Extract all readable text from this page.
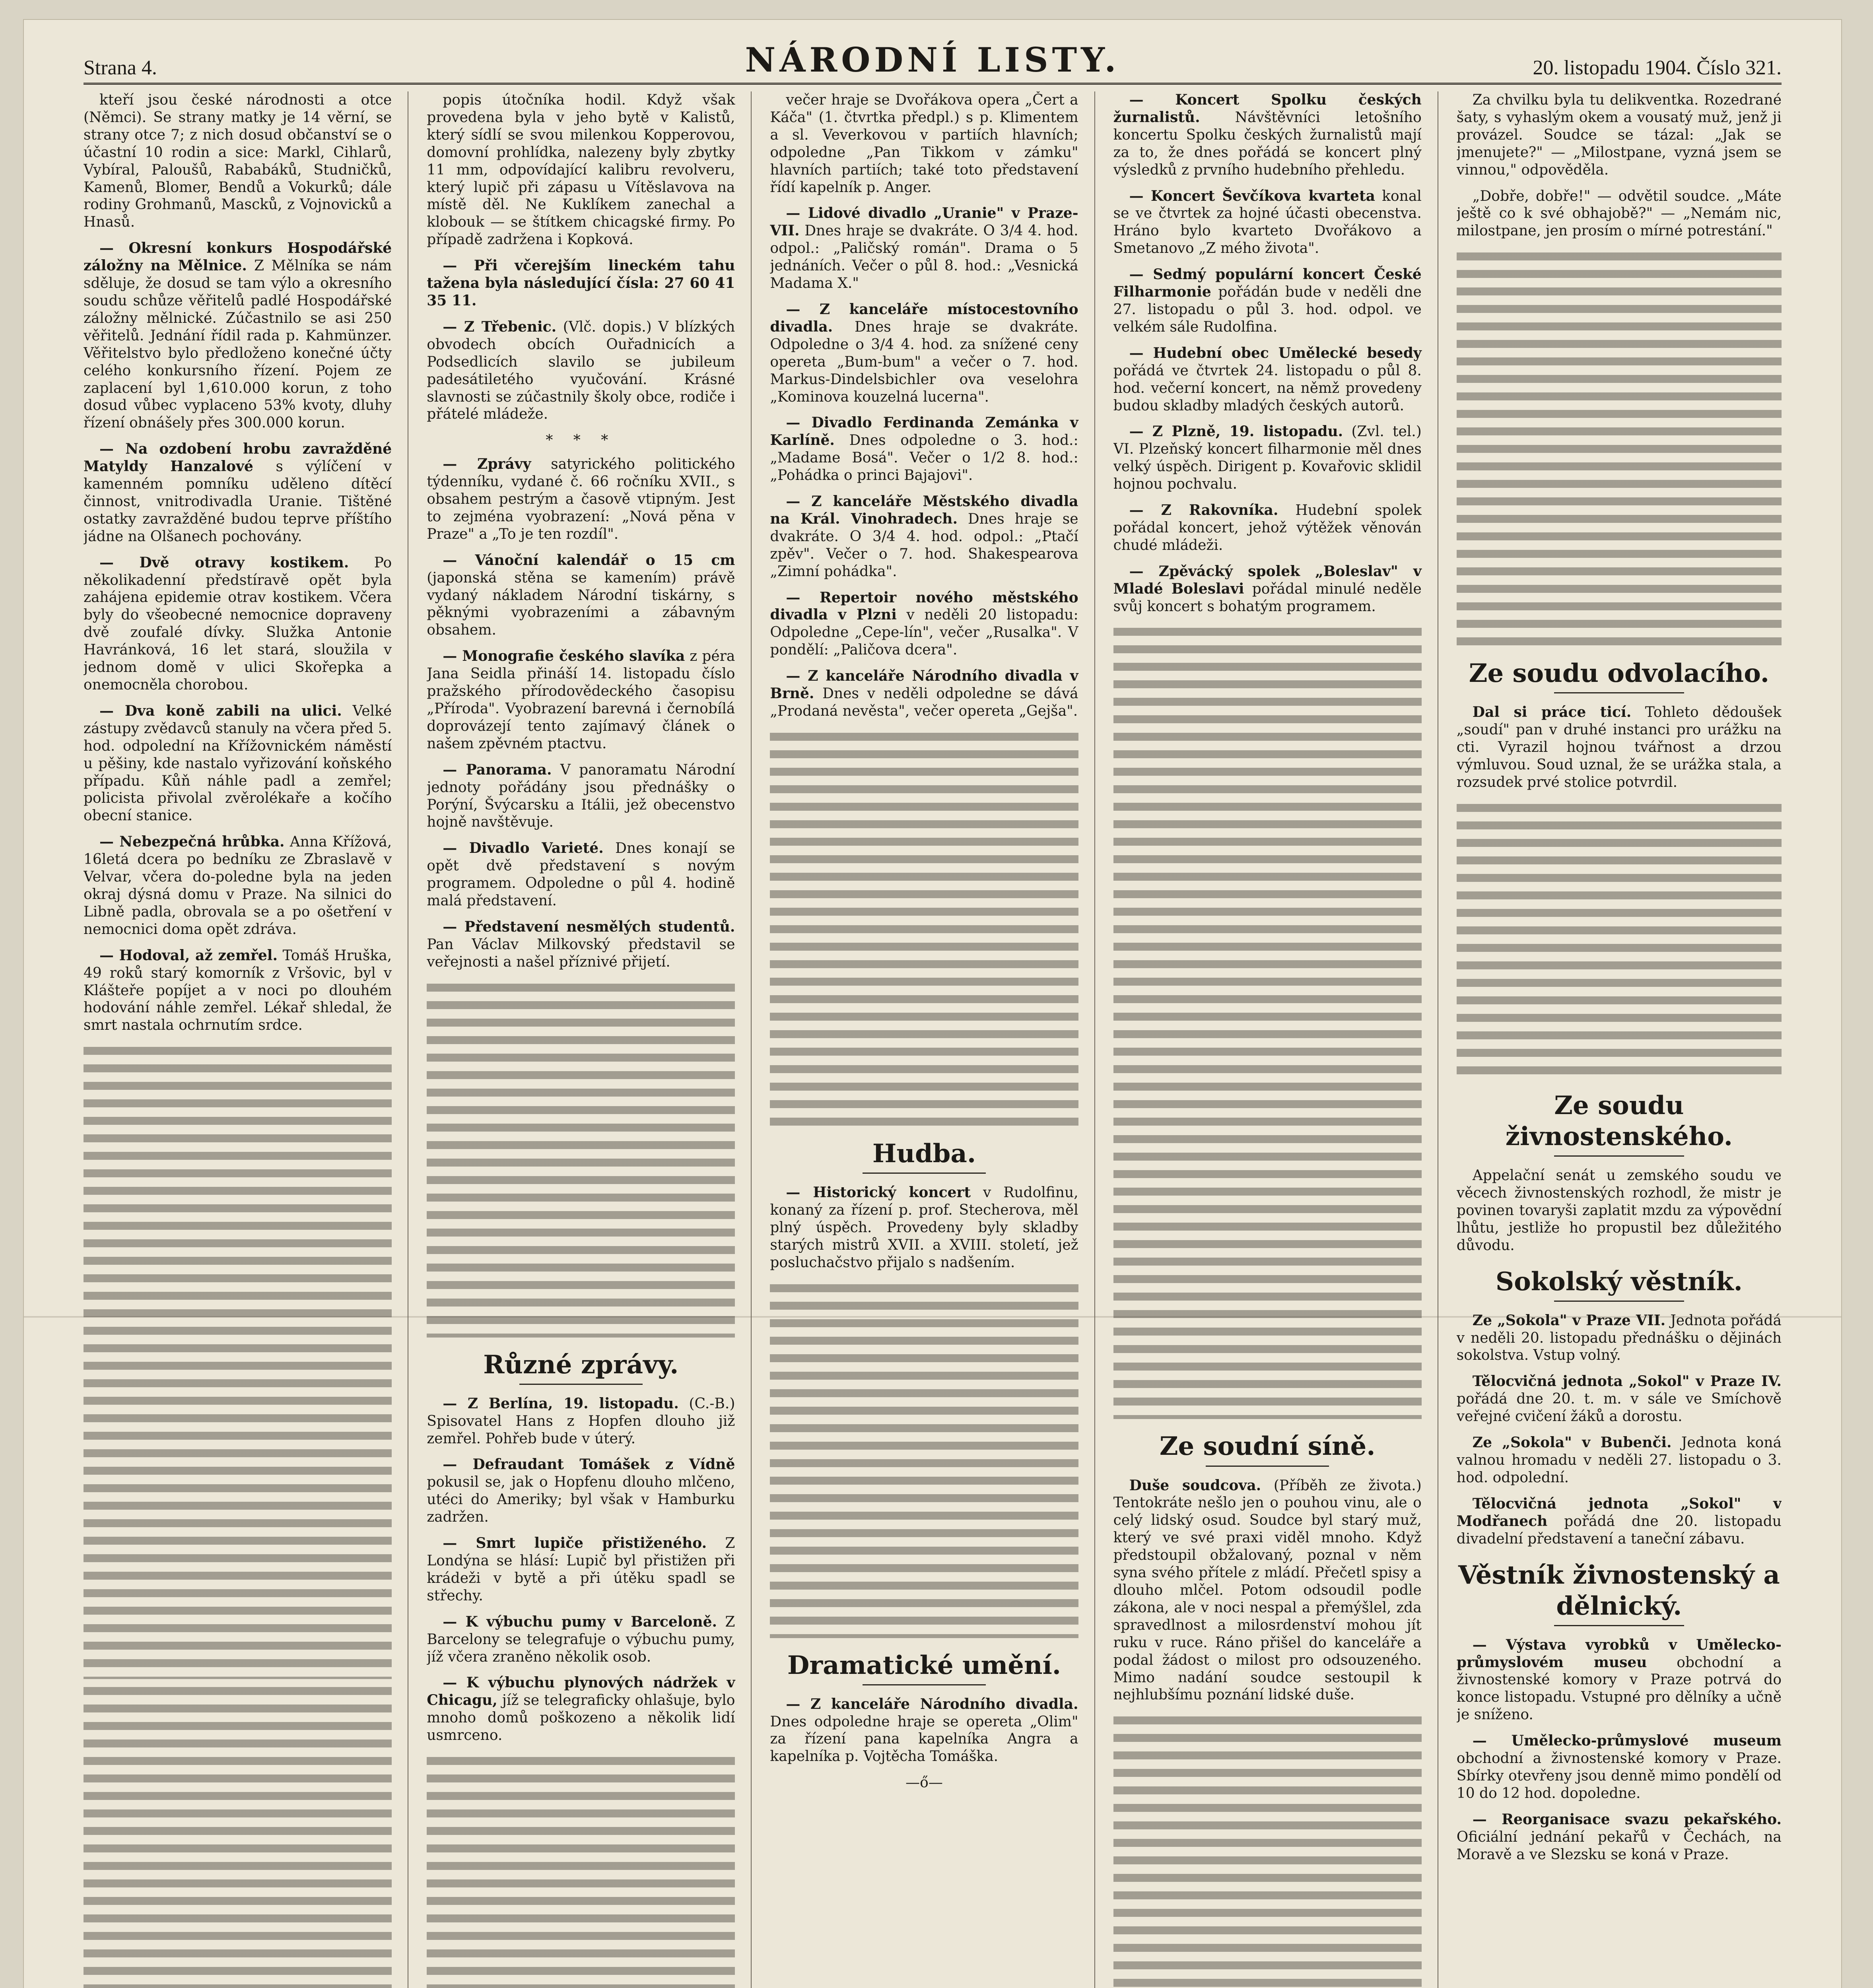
Strana 4.	NÁRODNÍ LISTY.	20. listopadu 1904. Číslo 321.

kteří jsou české národnosti a otce (Němci). Se strany matky je 14 věrní, se strany otce 7; z nich dosud občanství se o účastní 10 rodin a sice: Markl, Cihlarů, Vybíral, Paloušů, Rababáků, Studničků, Kamenů, Blomer, Bendů a Vokurků; dále rodiny Grohmanů, Mascků, z Vojnovicků a Hnasů.

— Okresní konkurs Hospodářské záložny na Mělnice. Z Mělníka se nám sděluje, že dosud se tam výlo a okresního soudu schůze věřitelů padlé Hospodářské záložny mělnické. Zúčastnilo se asi 250 věřitelů. Jednání řídil rada p. Kahmünzer. Věřitelstvo bylo předloženo konečné účty celého konkursního řízení. Pojem ze zaplacení byl 1,610.000 korun, z toho dosud vůbec vyplaceno 53% kvoty, dluhy řízení obnášely přes 300.000 korun.

— Na ozdobení hrobu zavražděné Matyldy Hanzalové s výlíčení v kamenném pomníku uděleno dítěcí činnost, vnitrodivadla Uranie. Tištěné ostatky zavražděné budou teprve příštího jádne na Olšanech pochovány.

— Dvě otravy kostikem. Po několikadenní předstíravě opět byla zahájena epidemie otrav kostikem. Včera byly do všeobecné nemocnice dopraveny dvě zoufalé dívky. Služka Antonie Havránková, 16 let stará, sloužila v jednom domě v ulici Skořepka a onemocněla chorobou.

— Dva koně zabili na ulici. Velké zástupy zvědavců stanuly na včera před 5. hod. odpolední na Křížovnickém náměstí u pěšiny, kde nastalo vyřizování koňského případu. Kůň náhle padl a zemřel; policista přivolal zvěrolékaře a kočího obecní stanice.

— Nebezpečná hrůbka. Anna Křížová, 16letá dcera po bedníku ze Zbraslavě v Velvar, včera do-poledne byla na jeden okraj dýsná domu v Praze. Na silnici do Libně padla, obrovala se a po ošetření v nemocnici doma opět zdráva.

— Hodoval, až zemřel. Tomáš Hruška, 49 roků starý komorník z Vršovic, byl v Klášteře popíjet a v noci po dlouhém hodování náhle zemřel. Lékař shledal, že smrt nastala ochrnutím srdce.

popis útočníka hodil. Když však provedena byla v jeho bytě v Kalistů, který sídlí se svou milenkou Kopperovou, domovní prohlídka, nalezeny byly zbytky 11 mm, odpovídající kalibru revolveru, který lupič při zápasu u Vítěslavova na místě děl. Ne Kuklíkem zanechal a klobouk — se štítkem chicagské firmy. Po případě zadržena i Kopková.

— Při včerejším lineckém tahu tažena byla následující čísla: 27 60 41 35 11.

— Z Třebenic. (Vlč. dopis.) V blízkých obvodech obcích Ouřadnicích a Podsedlicích slavilo se jubileum padesátiletého vyučování. Krásné slavnosti se zúčastnily školy obce, rodiče i přátelé mládeže.

* * *

— Zprávy satyrického politického týdenníku, vydané č. 66 ročníku XVII., s obsahem pestrým a časově vtipným. Jest to zejména vyobrazení: „Nová pěna v Praze" a „To je ten rozdíl".

— Vánoční kalendář o 15 cm (japonská stěna se kamením) právě vydaný nákladem Národní tiskárny, s pěknými vyobrazeními a zábavným obsahem.

— Monografie českého slavíka z péra Jana Seidla přináší 14. listopadu číslo pražského přírodovědeckého časopisu „Příroda". Vyobrazení barevná i černobílá doprovázejí tento zajímavý článek o našem zpěvném ptactvu.

— Panorama. V panoramatu Národní jednoty pořádány jsou přednášky o Porýní, Švýcarsku a Itálii, jež obecenstvo hojně navštěvuje.

— Divadlo Varieté. Dnes konají se opět dvě představení s novým programem. Odpoledne o půl 4. hodině malá představení.

— Představení nesmělých studentů. Pan Václav Milkovský představil se veřejnosti a našel příznivé přijetí.

Různé zprávy.

— Z Berlína, 19. listopadu. (C.-B.) Spisovatel Hans z Hopfen dlouho již zemřel. Pohřeb bude v úterý.

— Defraudant Tomášek z Vídně pokusil se, jak o Hopfenu dlouho mlčeno, utéci do Ameriky; byl však v Hamburku zadržen.

— Smrt lupiče přistiženého. Z Londýna se hlásí: Lupič byl přistižen při krádeži v bytě a při útěku spadl se střechy.

— K výbuchu pumy v Barceloně. Z Barcelony se telegrafuje o výbuchu pumy, jíž včera zraněno několik osob.

— K výbuchu plynových nádržek v Chicagu, jíž se telegraficky ohlašuje, bylo mnoho domů poškozeno a několik lidí usmrceno.

večer hraje se Dvořákova opera „Čert a Káča" (1. čtvrtka předpl.) s p. Klimentem a sl. Veverkovou v partiích hlavních; odpoledne „Pan Tikkom v zámku" hlavních partiích; také toto představení řídí kapelník p. Anger.

— Lidové divadlo „Uranie" v Praze-VII. Dnes hraje se dvakráte. O 3/4 4. hod. odpol.: „Paličský román". Drama o 5 jednáních. Večer o půl 8. hod.: „Vesnická Madama X."

— Z kanceláře místocestovního divadla. Dnes hraje se dvakráte. Odpoledne o 3/4 4. hod. za snížené ceny opereta „Bum-bum" a večer o 7. hod. Markus-Dindelsbichler ova veselohra „Kominova kouzelná lucerna".

— Divadlo Ferdinanda Zemánka v Karlíně. Dnes odpoledne o 3. hod.: „Madame Bosá". Večer o 1/2 8. hod.: „Pohádka o princi Bajajovi".

— Z kanceláře Městského divadla na Král. Vinohradech. Dnes hraje se dvakráte. O 3/4 4. hod. odpol.: „Ptačí zpěv". Večer o 7. hod. Shakespearova „Zimní pohádka".

— Repertoir nového městského divadla v Plzni v neděli 20 listopadu: Odpoledne „Cepe-lín", večer „Rusalka". V pondělí: „Paličova dcera".

— Z kanceláře Národního divadla v Brně. Dnes v neděli odpoledne se dává „Prodaná nevěsta", večer opereta „Gejša".

Hudba.

— Historický koncert v Rudolfinu, konaný za řízení p. prof. Stecherova, měl plný úspěch. Provedeny byly skladby starých mistrů XVII. a XVIII. století, jež posluchačstvo přijalo s nadšením.

Dramatické umění.

— Z kanceláře Národního divadla. Dnes odpoledne hraje se opereta „Olim" za řízení pana kapelníka Angra a kapelníka p. Vojtěcha Tomáška.

—ő—

— Koncert Spolku českých žurnalistů. Návštěvníci letošního koncertu Spolku českých žurnalistů mají za to, že dnes pořádá se koncert plný výsledků z prvního hudebního přehledu.

— Koncert Ševčíkova kvarteta konal se ve čtvrtek za hojné účasti obecenstva. Hráno bylo kvarteto Dvořákovo a Smetanovo „Z mého života".

— Sedmý populární koncert České Filharmonie pořádán bude v neděli dne 27. listopadu o půl 3. hod. odpol. ve velkém sále Rudolfina.

— Hudební obec Umělecké besedy pořádá ve čtvrtek 24. listopadu o půl 8. hod. večerní koncert, na němž provedeny budou skladby mladých českých autorů.

— Z Plzně, 19. listopadu. (Zvl. tel.) VI. Plzeňský koncert filharmonie měl dnes velký úspěch. Dirigent p. Kovařovic sklidil hojnou pochvalu.

— Z Rakovníka. Hudební spolek pořádal koncert, jehož výtěžek věnován chudé mládeži.

— Zpěvácký spolek „Boleslav" v Mladé Boleslavi pořádal minulé neděle svůj koncert s bohatým programem.

Ze soudní síně.

Duše soudcova. (Příběh ze života.) Tentokráte nešlo jen o pouhou vinu, ale o celý lidský osud. Soudce byl starý muž, který ve své praxi viděl mnoho. Když předstoupil obžalovaný, poznal v něm syna svého přítele z mládí. Přečetl spisy a dlouho mlčel. Potom odsoudil podle zákona, ale v noci nespal a přemýšlel, zda spravedlnost a milosrdenství mohou jít ruku v ruce. Ráno přišel do kanceláře a podal žádost o milost pro odsouzeného. Mimo nadání soudce sestoupil k nejhlubšímu poznání lidské duše.

Za chvilku byla tu delikventka. Rozedrané šaty, s vyhaslým okem a vousatý muž, jenž ji provázel. Soudce se tázal: „Jak se jmenujete?" — „Milostpane, vyzná jsem se vinnou," odpověděla.

„Dobře, dobře!" — odvětil soudce. „Máte ještě co k své obhajobě?" — „Nemám nic, milostpane, jen prosím o mírné potrestání."

Ze soudu odvolacího.

Dal si práce ticí. Tohleto dědoušek „soudí" pan v druhé instanci pro urážku na cti. Vyrazil hojnou tvářnost a drzou výmluvou. Soud uznal, že se urážka stala, a rozsudek prvé stolice potvrdil.

Ze soudu živnostenského.

Appelační senát u zemského soudu ve věcech živnostenských rozhodl, že mistr je povinen tovaryši zaplatit mzdu za výpovědní lhůtu, jestliže ho propustil bez důležitého důvodu.

Sokolský věstník.

Ze „Sokola" v Praze VII. Jednota pořádá v neděli 20. listopadu přednášku o dějinách sokolstva. Vstup volný.

Tělocvičná jednota „Sokol" v Praze IV. pořádá dne 20. t. m. v sále ve Smíchově veřejné cvičení žáků a dorostu.

Ze „Sokola" v Bubenči. Jednota koná valnou hromadu v neděli 27. listopadu o 3. hod. odpolední.

Tělocvičná jednota „Sokol" v Modřanech pořádá dne 20. listopadu divadelní představení a taneční zábavu.

Věstník živnostenský a dělnický.

— Výstava vyrobků v Umělecko-průmyslovém museu obchodní a živnostenské komory v Praze potrvá do konce listopadu. Vstupné pro dělníky a učně je sníženo.

— Umělecko-průmyslové museum obchodní a živnostenské komory v Praze. Sbírky otevřeny jsou denně mimo pondělí od 10 do 12 hod. dopoledne.

— Reorganisace svazu pekařského. Oficiální jednání pekařů v Čechách, na Moravě a ve Slezsku se koná v Praze.
